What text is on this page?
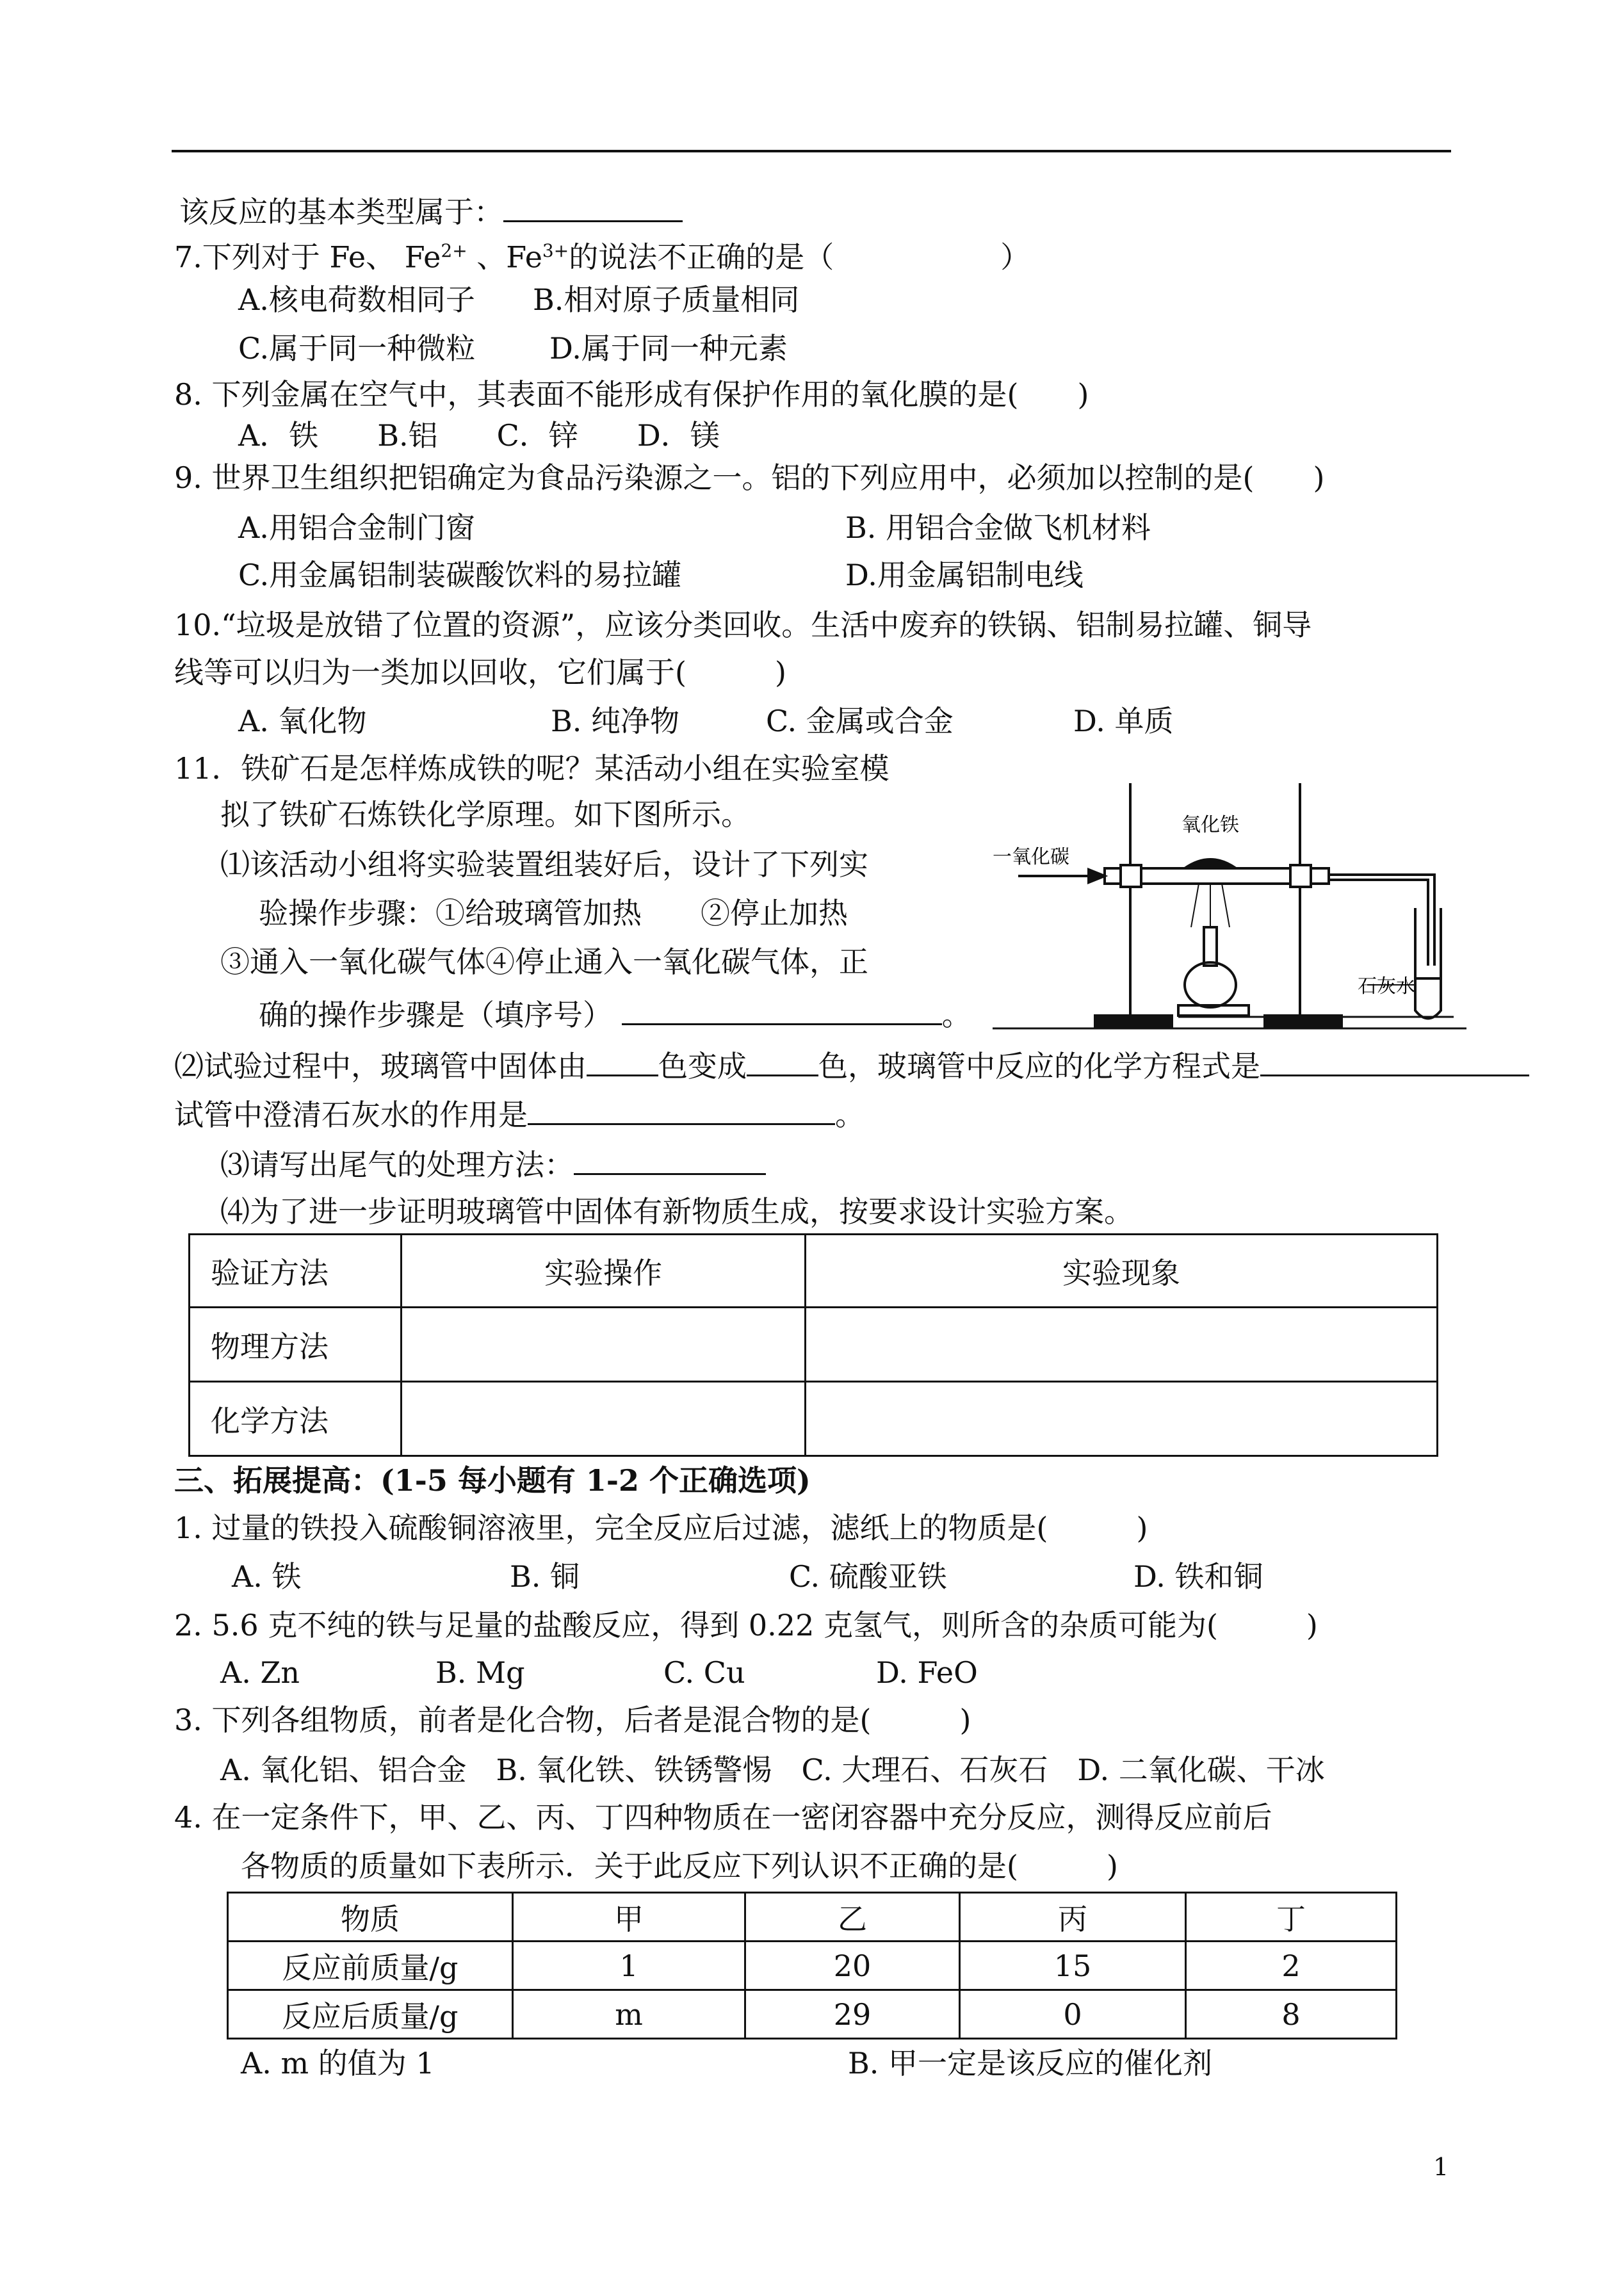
该反应的基本类型属于：
7.下列对于 Fe、 $Fe^{2+}$ 、$Fe^{3+}$的说法不正确的是（	）
A.核电荷数相同子 B.相对原子质量相同
C.属于同一种微粒	D.属于同一种元素
8. 下列金属在空气中，其表面不能形成有保护作用的氧化膜的是(　　)
A．铁　　B.铝　　C．锌　　D．镁
9. 世界卫生组织把铝确定为食品污染源之一。铝的下列应用中，必须加以控制的是(　　)
A.用铝合金制门窗	B. 用铝合金做飞机材料
C.用金属铝制装碳酸饮料的易拉罐	D.用金属铝制电线
10.“垃圾是放错了位置的资源”，应该分类回收。生活中废弃的铁锅、铝制易拉罐、铜导
线等可以归为一类加以回收，它们属于(　　　)
A. 氧化物	B. 纯净物	C. 金属或合金	D. 单质
11．铁矿石是怎样炼成铁的呢？某活动小组在实验室模
拟了铁矿石炼铁化学原理。如下图所示。
⑴该活动小组将实验装置组装好后，设计了下列实
验操作步骤：①给玻璃管加热　　②停止加热
③通入一氧化碳气体④停止通入一氧化碳气体，正
确的操作步骤是（填序号）	。
一氧化碳
氧化铁
石灰水
⑵试验过程中，玻璃管中固体由 色变成 色，玻璃管中反应的化学方程式是
试管中澄清石灰水的作用是	。
⑶请写出尾气的处理方法：
⑷为了进一步证明玻璃管中固体有新物质生成，按要求设计实验方案。
验证方法	实验操作	实验现象
物理方法		
化学方法		
三、拓展提高：(1-5 每小题有 1-2 个正确选项)
1. 过量的铁投入硫酸铜溶液里，完全反应后过滤，滤纸上的物质是(　　　)
A. 铁	B. 铜	C. 硫酸亚铁	D. 铁和铜
2. 5.6 克不纯的铁与足量的盐酸反应，得到 0.22 克氢气，则所含的杂质可能为(　　　)
A. Zn	B. Mg	C. Cu	D. FeO
3. 下列各组物质，前者是化合物，后者是混合物的是(　　　)
A. 氧化铝、铝合金　B. 氧化铁、铁锈警惕　C. 大理石、石灰石　D. 二氧化碳、干冰
4. 在一定条件下，甲、乙、丙、丁四种物质在一密闭容器中充分反应，测得反应前后
各物质的质量如下表所示．关于此反应下列认识不正确的是(　　　)
物质	甲	乙	丙	丁
反应前质量/g	1	20	15	2
反应后质量/g	m	29	0	8
A. m 的值为 1	B. 甲一定是该反应的催化剂
1
